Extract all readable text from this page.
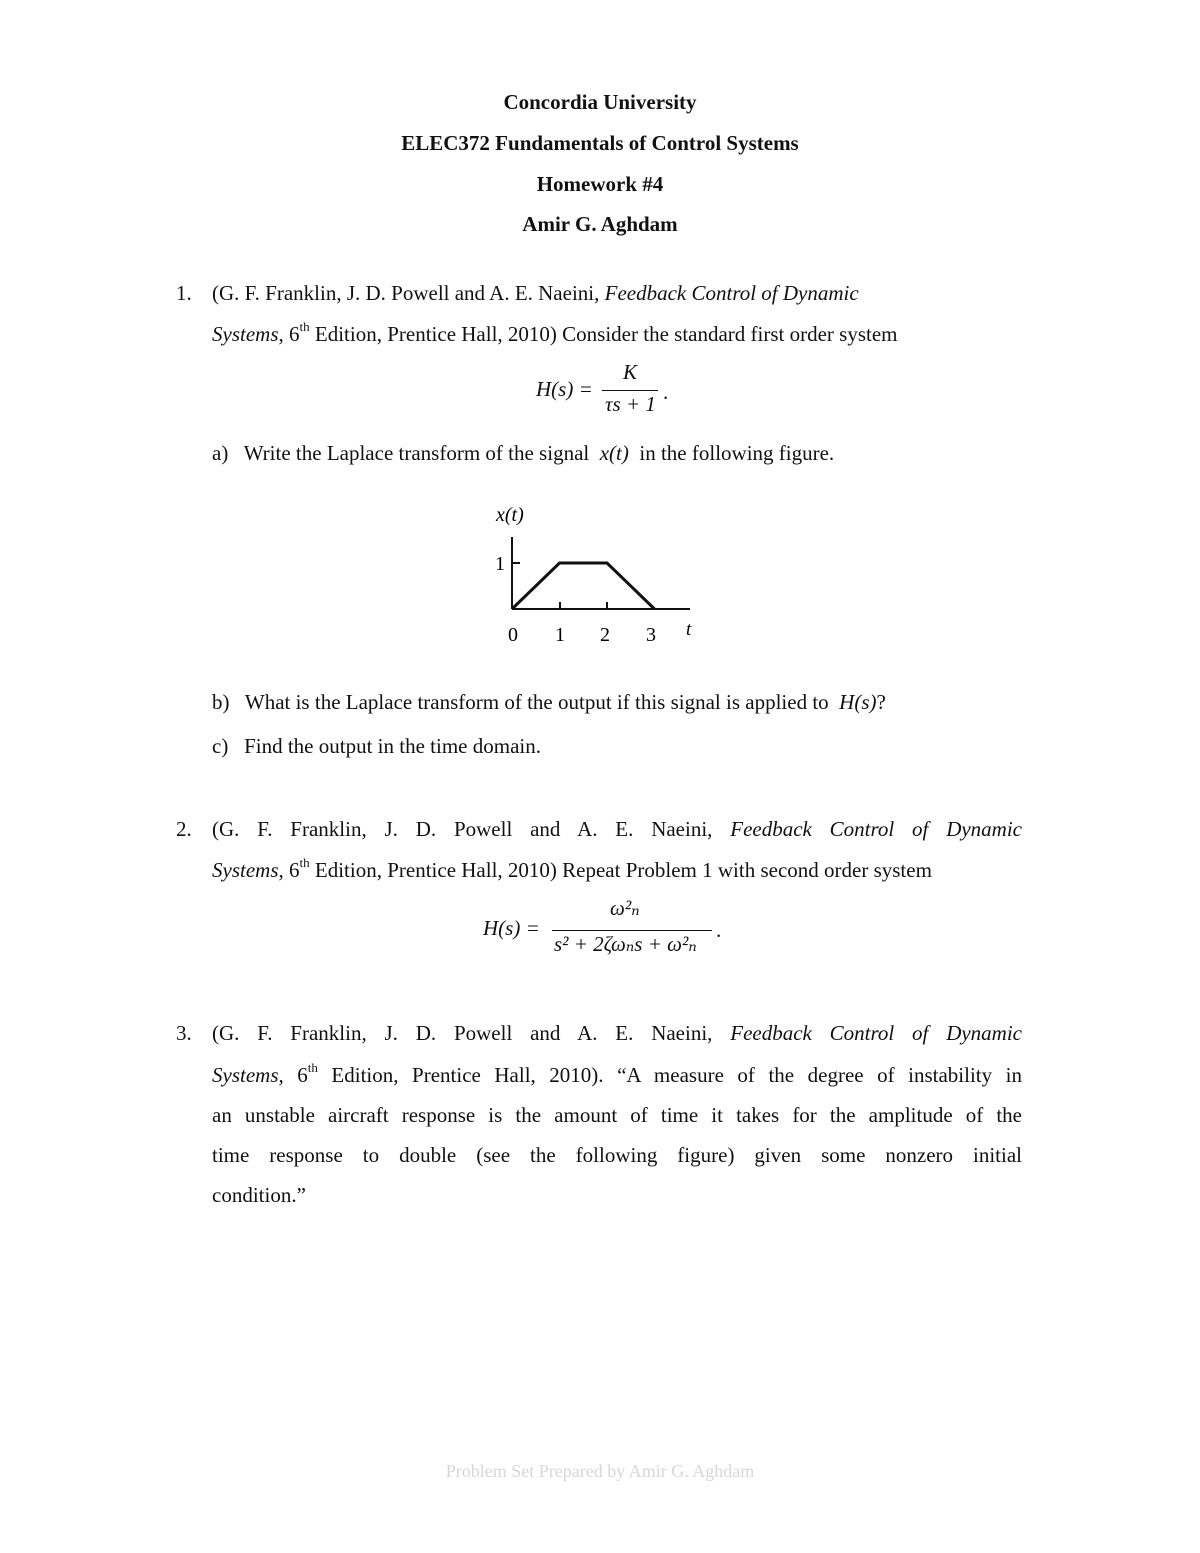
Concordia University
ELEC372 Fundamentals of Control Systems
Homework #4
Amir G. Aghdam
1. (G. F. Franklin, J. D. Powell and A. E. Naeini, Feedback Control of Dynamic
Systems, 6th Edition, Prentice Hall, 2010) Consider the standard first order system
H(s) =
K
τs + 1 .
a) Write the Laplace transform of the signal x(t) in the following figure.
x(t)
1
0 1 2 3 t
b) What is the Laplace transform of the output if this signal is applied to H(s)?
c) Find the output in the time domain.
2. (G. F. Franklin, J. D. Powell and A. E. Naeini, Feedback Control of Dynamic
Systems, 6th Edition, Prentice Hall, 2010) Repeat Problem 1 with second order system
H(s) =
ω²ₙ
s² + 2ζωₙs + ω²ₙ
.
3. (G. F. Franklin, J. D. Powell and A. E. Naeini, Feedback Control of Dynamic
Systems, 6th Edition, Prentice Hall, 2010). “A measure of the degree of instability in
an unstable aircraft response is the amount of time it takes for the amplitude of the
time response to double (see the following figure) given some nonzero initial
condition.”
Problem Set Prepared by Amir G. Aghdam
